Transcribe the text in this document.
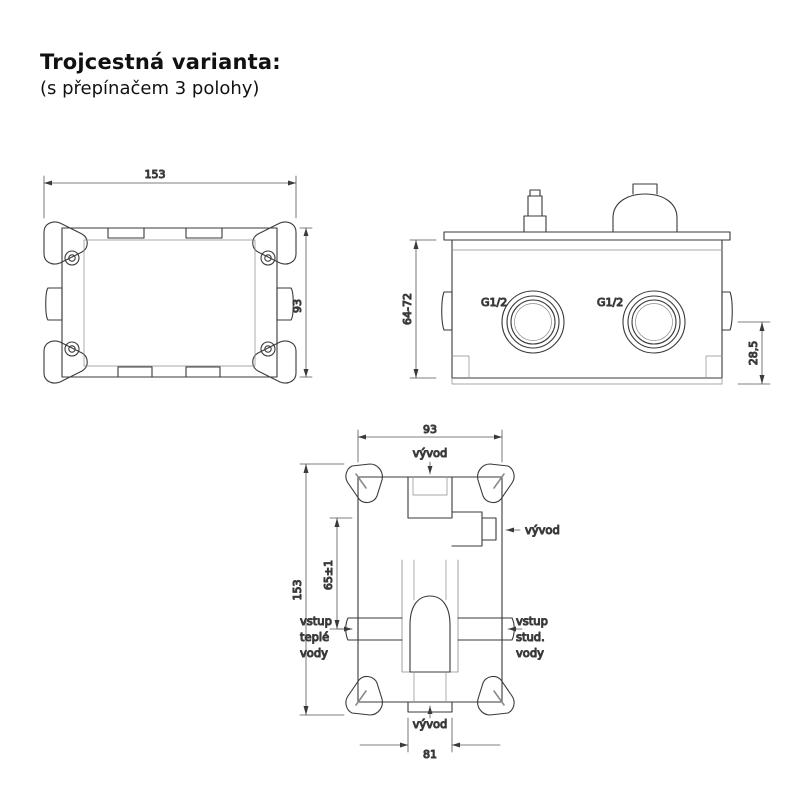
Trojcestná varianta:
(s přepínačem 3 polohy)
153
93	64-72
28,5
G1/2	G1/2
93
81
153 65±1
vývod
vývod
vývod
vstup
teplé
vody
vstup
stud.
vody
